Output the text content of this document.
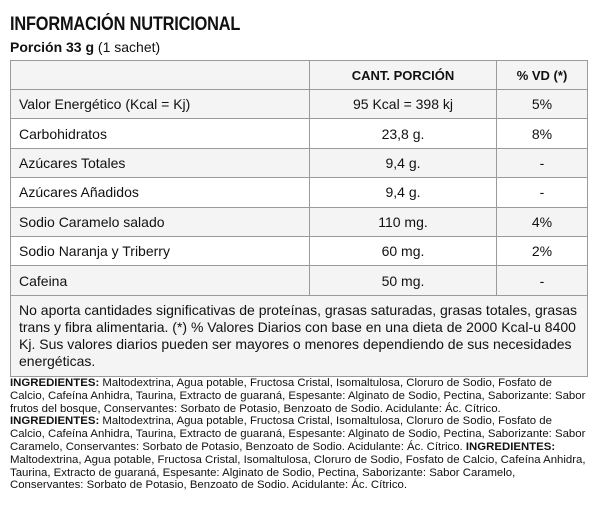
INFORMACIÓN NUTRICIONAL
Porción 33 g (1 sachet)
	CANT. PORCIÓN	% VD (*)
Valor Energético (Kcal = Kj)	95 Kcal = 398 kj	5%
Carbohidratos	23,8 g.	8%
Azúcares Totales	9,4 g.	-
Azúcares Añadidos	9,4 g.	-
Sodio Caramelo salado	110 mg.	4%
Sodio Naranja y Triberry	60 mg.	2%
Cafeina	50 mg.	-
No aporta cantidades significativas de proteínas, grasas saturadas, grasas totales, grasas trans y fibra alimentaria. (*) % Valores Diarios con base en una dieta de 2000 Kcal-u 8400 Kj. Sus valores diarios pueden ser mayores o menores dependiendo de sus necesidades energéticas.		
INGREDIENTES: Maltodextrina, Agua potable, Fructosa Cristal, Isomaltulosa, Cloruro de Sodio, Fosfato de Calcio, Cafeína Anhidra, Taurina, Extracto de guaraná, Espesante: Alginato de Sodio, Pectina, Saborizante: Sabor frutos del bosque, Conservantes: Sorbato de Potasio, Benzoato de Sodio. Acidulante: Ác. Cítrico. INGREDIENTES: Maltodextrina, Agua potable, Fructosa Cristal, Isomaltulosa, Cloruro de Sodio, Fosfato de Calcio, Cafeína Anhidra, Taurina, Extracto de guaraná, Espesante: Alginato de Sodio, Pectina, Saborizante: Sabor Caramelo, Conservantes: Sorbato de Potasio, Benzoato de Sodio. Acidulante: Ác. Cítrico. INGREDIENTES: Maltodextrina, Agua potable, Fructosa Cristal, Isomaltulosa, Cloruro de Sodio, Fosfato de Calcio, Cafeína Anhidra, Taurina, Extracto de guaraná, Espesante: Alginato de Sodio, Pectina, Saborizante: Sabor Caramelo, Conservantes: Sorbato de Potasio, Benzoato de Sodio. Acidulante: Ác. Cítrico.
